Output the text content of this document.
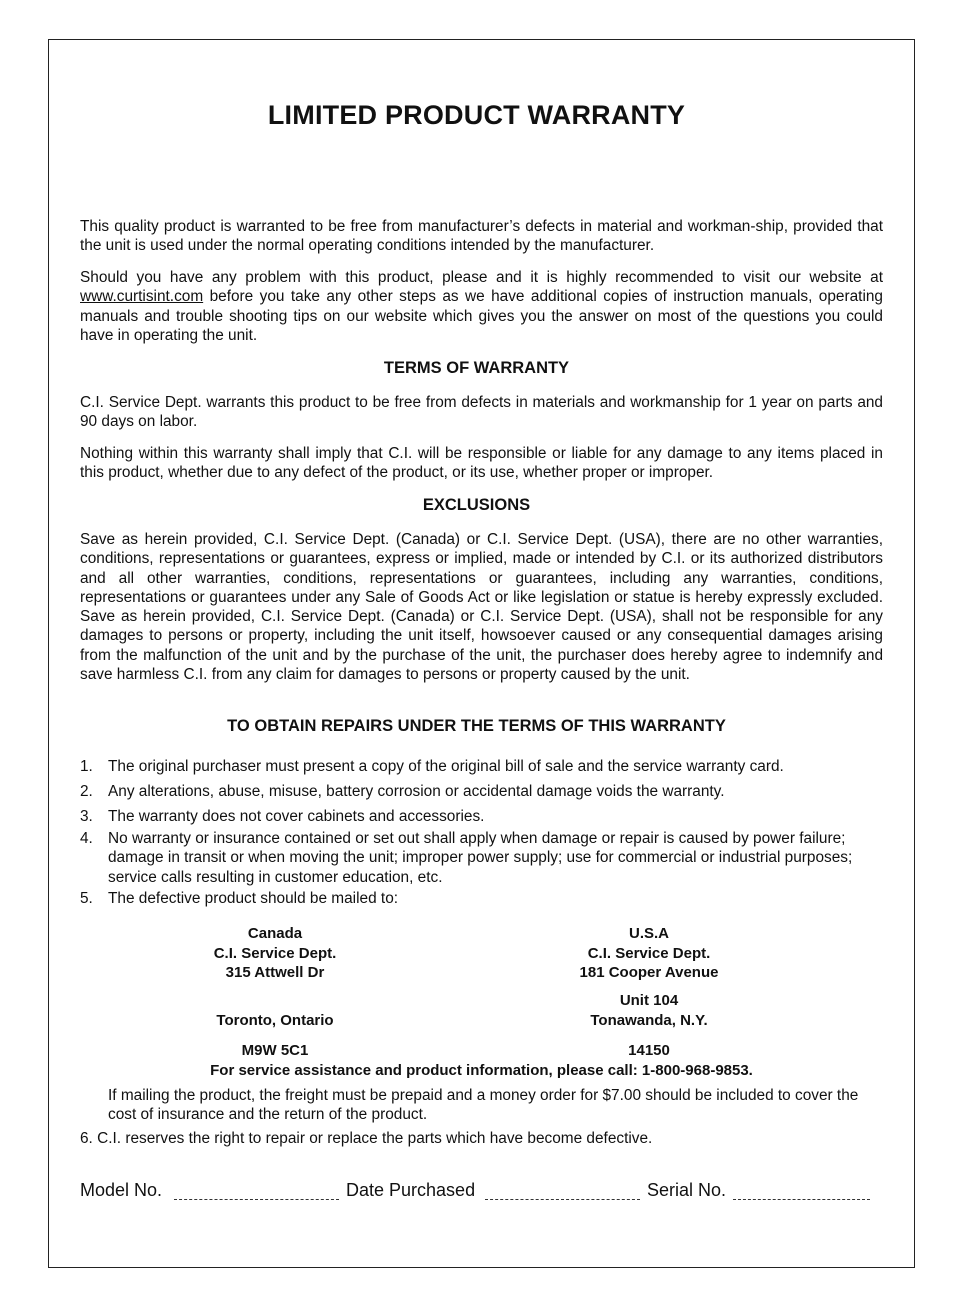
LIMITED PRODUCT WARRANTY

This quality product is warranted to be free from manufacturer’s defects in material and workman-ship, provided that the unit is used under the normal operating conditions intended by the manufacturer.

Should you have any problem with this product, please and it is highly recommended to visit our website at www.curtisint.com before you take any other steps as we have additional copies of instruction manuals, operating manuals and trouble shooting tips on our website which gives you the answer on most of the questions you could have in operating the unit.

TERMS OF WARRANTY

C.I. Service Dept. warrants this product to be free from defects in materials and workmanship for 1 year on parts and 90 days on labor.

Nothing within this warranty shall imply that C.I. will be responsible or liable for any damage to any items placed in this product, whether due to any defect of the product, or its use, whether proper or improper.

EXCLUSIONS

Save as herein provided, C.I. Service Dept. (Canada) or C.I. Service Dept. (USA), there are no other warranties, conditions, representations or guarantees, express or implied, made or intended by C.I. or its authorized distributors and all other warranties, conditions, representations or guarantees, including any warranties, conditions, representations or guarantees under any Sale of Goods Act or like legislation or statue is hereby expressly excluded. Save as herein provided, C.I. Service Dept. (Canada) or C.I. Service Dept. (USA), shall not be responsible for any damages to persons or property, including the unit itself, howsoever caused or any consequential damages arising from the malfunction of the unit and by the purchase of the unit, the purchaser does hereby agree to indemnify and save harmless C.I. from any claim for damages to persons or property caused by the unit.

TO OBTAIN REPAIRS UNDER THE TERMS OF THIS WARRANTY
1. The original purchaser must present a copy of the original bill of sale and the service warranty card.
2. Any alterations, abuse, misuse, battery corrosion or accidental damage voids the warranty.
3. The warranty does not cover cabinets and accessories.
4. No warranty or insurance contained or set out shall apply when damage or repair is caused by power failure; damage in transit or when moving the unit; improper power supply; use for commercial or industrial purposes; service calls resulting in customer education, etc.
5. The defective product should be mailed to:
Canada
C.I. Service Dept.
315 Attwell Dr
Toronto, Ontario
M9W 5C1
U.S.A
C.I. Service Dept.
181 Cooper Avenue
Unit 104
Tonawanda, N.Y.
14150
For service assistance and product information, please call: 1-800-968-9853.
If mailing the product, the freight must be prepaid and a money order for $7.00 should be included to cover the cost of insurance and the return of the product.
6. C.I. reserves the right to repair or replace the parts which have become defective.
Model No.	Date Purchased	Serial No.
